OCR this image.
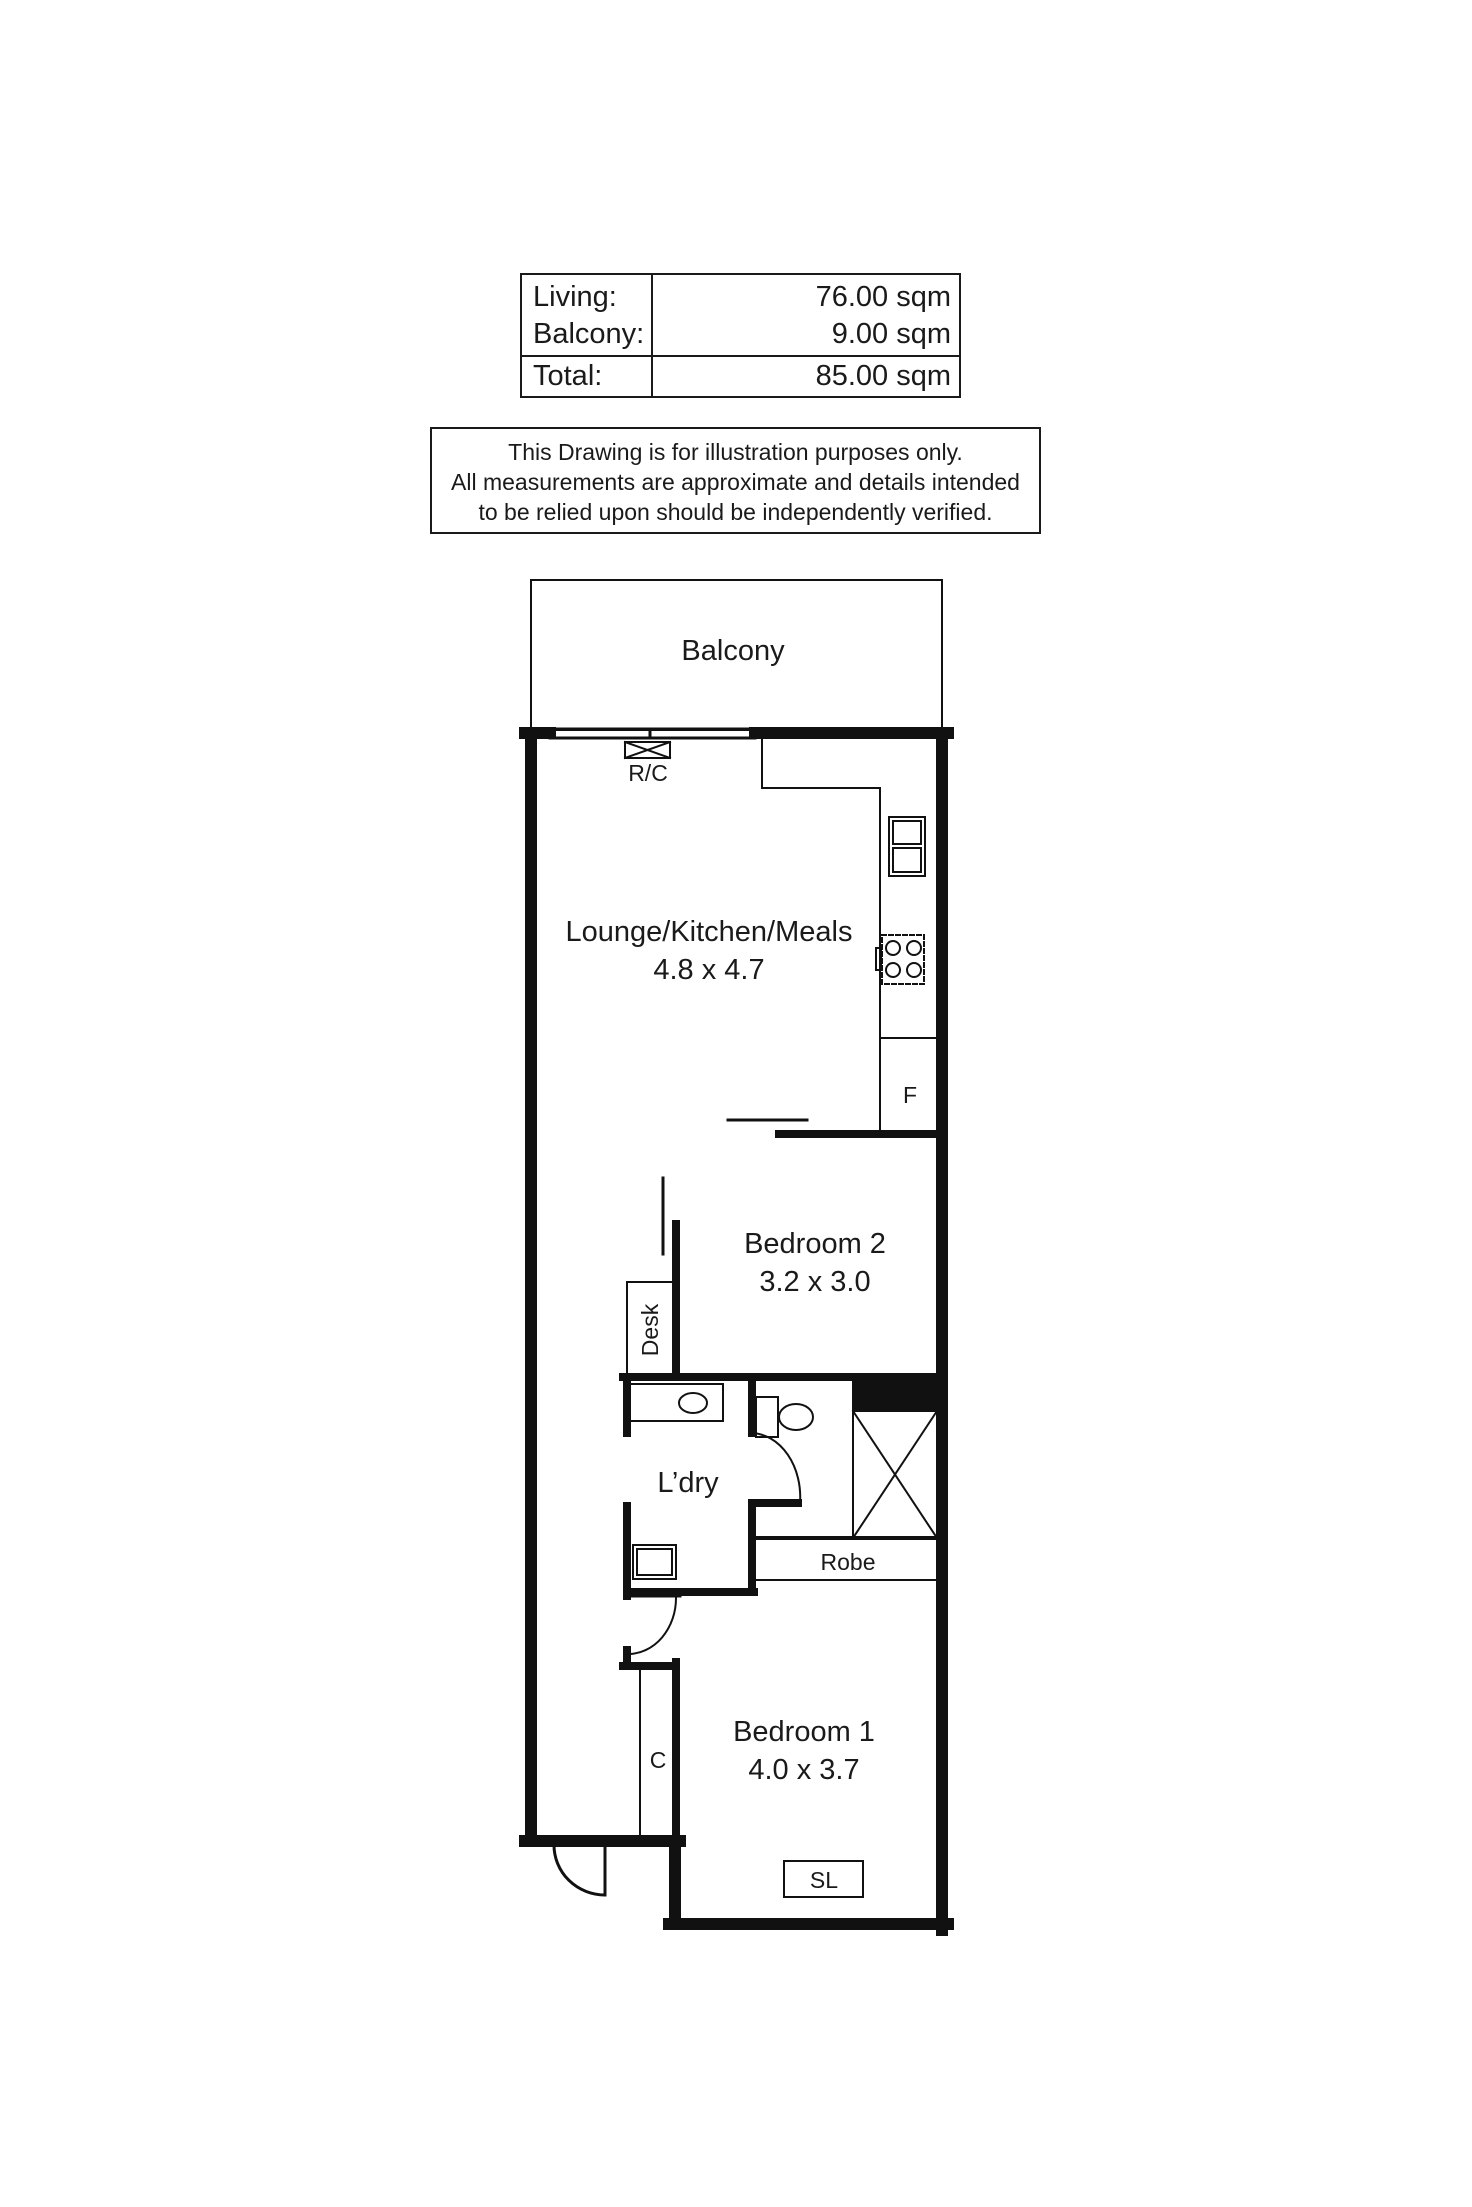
Living:	76.00 sqm
Balcony:	9.00 sqm
Total:	85.00 sqm
This Drawing is for illustration purposes only.
All measurements are approximate and details intended
to be relied upon should be independently verified.
Balcony
R/C
Lounge/Kitchen/Meals
4.8 x 4.7
F
Bedroom 2
3.2 x 3.0
Desk
L’dry
Robe
Bedroom 1
4.0 x 3.7
C
SL
